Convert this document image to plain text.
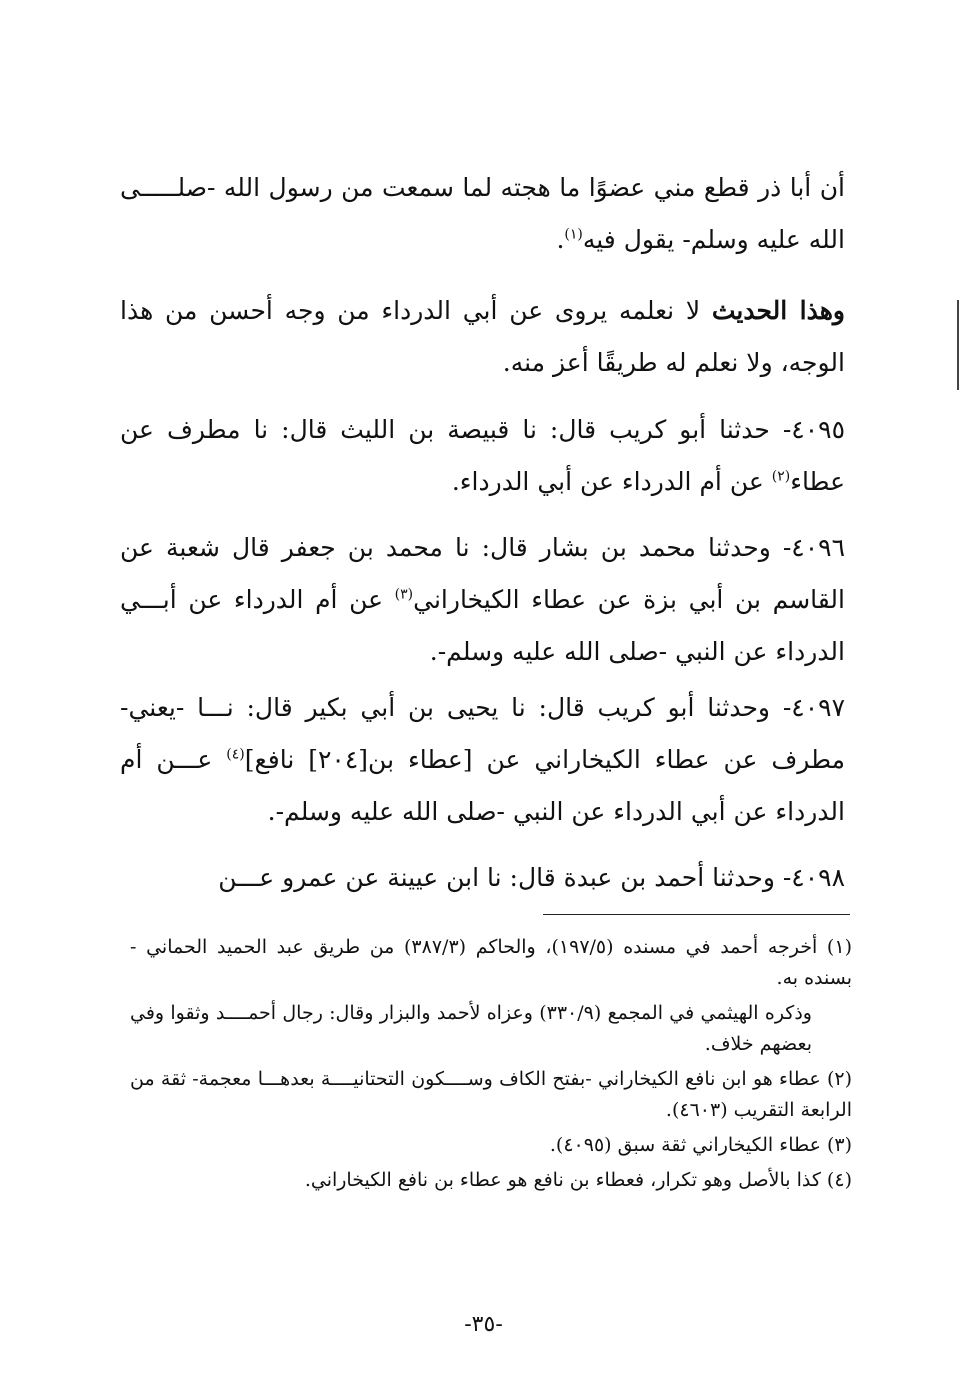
أن أبا ذر قطع مني عضوًا ما هجته لما سمعت من رسول الله -صلـــــى الله عليه وسلم- يقول فيه$^{(١)}$.

وهذا الحديث لا نعلمه يروى عن أبي الدرداء من وجه أحسن من هذا الوجه، ولا نعلم له طريقًا أعز منه.

٤٠٩٥- حدثنا أبو كريب قال: نا قبيصة بن الليث قال: نا مطرف عن عطاء$^{(٢)}$ عن أم الدرداء عن أبي الدرداء.

٤٠٩٦- وحدثنا محمد بن بشار قال: نا محمد بن جعفر قال شعبة عن القاسم بن أبي بزة عن عطاء الكيخاراني$^{(٣)}$ عن أم الدرداء عن أبـــي الدرداء عن النبي -صلى الله عليه وسلم-.

٤٠٩٧- وحدثنا أبو كريب قال: نا يحيى بن أبي بكير قال: نـــا -يعني- مطرف عن عطاء الكيخاراني عن [عطاء بن[٢٠٤] نافع]$^{(٤)}$ عـــن أم الدرداء عن أبي الدرداء عن النبي -صلى الله عليه وسلم-.

٤٠٩٨- وحدثنا أحمد بن عبدة قال: نا ابن عيينة عن عمرو عـــن

(١) أخرجه أحمد في مسنده (١٩٧/٥)، والحاكم (٣٨٧/٣) من طريق عبد الحميد الحماني - بسنده به.

وذكره الهيثمي في المجمع (٣٣٠/٩) وعزاه لأحمد والبزار وقال: رجال أحمــــد وثقوا وفي بعضهم خلاف.

(٢) عطاء هو ابن نافع الكيخاراني -بفتح الكاف وســــكون التحتانيــــة بعدهـــا معجمة- ثقة من الرابعة التقريب (٤٦٠٣).

(٣) عطاء الكيخاراني ثقة سبق (٤٠٩٥).

(٤) كذا بالأصل وهو تكرار، فعطاء بن نافع هو عطاء بن نافع الكيخاراني.

-٣٥-
